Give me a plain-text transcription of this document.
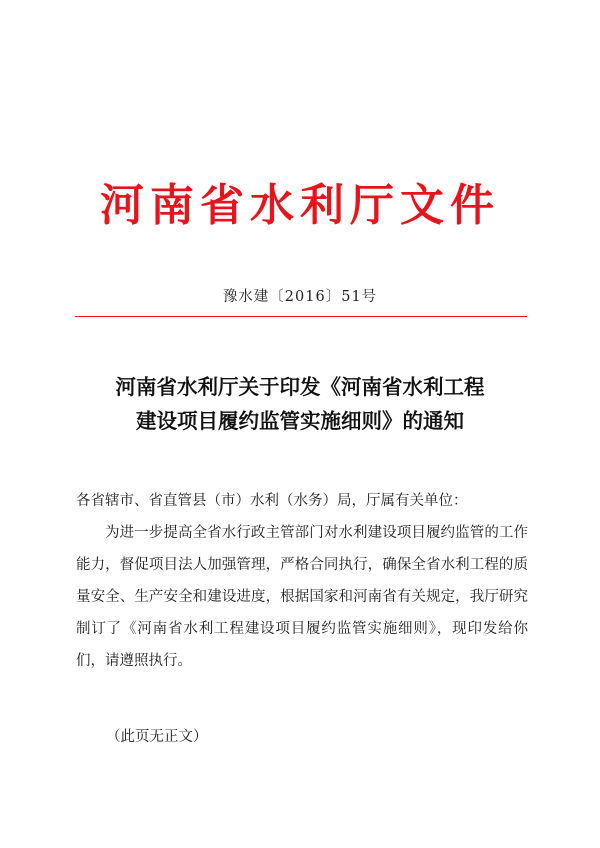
河南省水利厅文件
豫水建〔2016〕51号
河南省水利厅关于印发《河南省水利工程
建设项目履约监管实施细则》的通知

各省辖市、省直管县（市）水利（水务）局，厅属有关单位：

为进一步提高全省水行政主管部门对水利建设项目履约监管的工作能力，督促项目法人加强管理，严格合同执行，确保全省水利工程的质量安全、生产安全和建设进度，根据国家和河南省有关规定，我厅研究制订了《河南省水利工程建设项目履约监管实施细则》，现印发给你们，请遵照执行。

（此页无正文）
